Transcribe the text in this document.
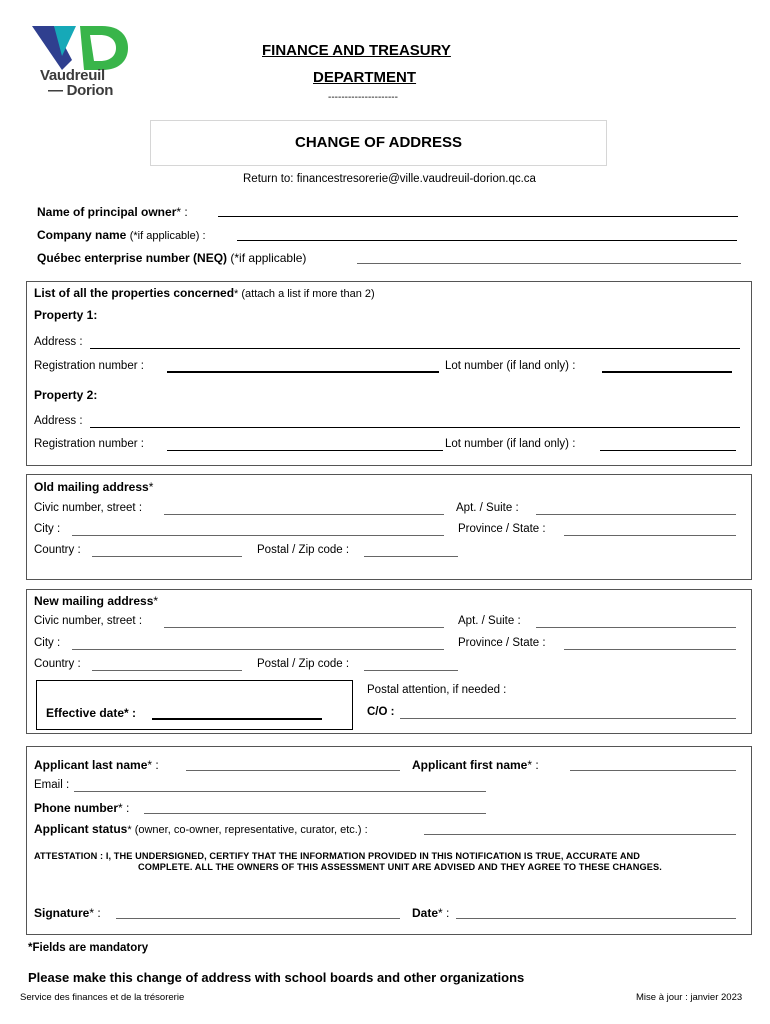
Vaudreuil
— Dorion
FINANCE AND TREASURY
DEPARTMENT
---------------------
CHANGE OF ADDRESS
Return to: financestresorerie@ville.vaudreuil-dorion.qc.ca
Name of principal owner* :
Company name (*if applicable) :
Québec enterprise number (NEQ) (*if applicable)
List of all the properties concerned* (attach a list if more than 2)
Property 1:
Address :
Registration number :	Lot number (if land only) :
Property 2:
Address :
Registration number :	Lot number (if land only) :
Old mailing address*
Civic number, street :	Apt. / Suite :
City :	Province / State :
Country :	Postal / Zip code :
New mailing address*
Civic number, street :	Apt. / Suite :
City :	Province / State :
Country :	Postal / Zip code :
Effective date* :
Postal attention, if needed :
C/O :
Applicant last name* :	Applicant first name* :
Email :
Phone number* :
Applicant status* (owner, co-owner, representative, curator, etc.) :
ATTESTATION : I, THE UNDERSIGNED, CERTIFY THAT THE INFORMATION PROVIDED IN THIS NOTIFICATION IS TRUE, ACCURATE AND
COMPLETE. ALL THE OWNERS OF THIS ASSESSMENT UNIT ARE ADVISED AND THEY AGREE TO THESE CHANGES.
Signature* :	Date* :
*Fields are mandatory
Please make this change of address with school boards and other organizations
Service des finances et de la trésorerie	Mise à jour : janvier 2023
